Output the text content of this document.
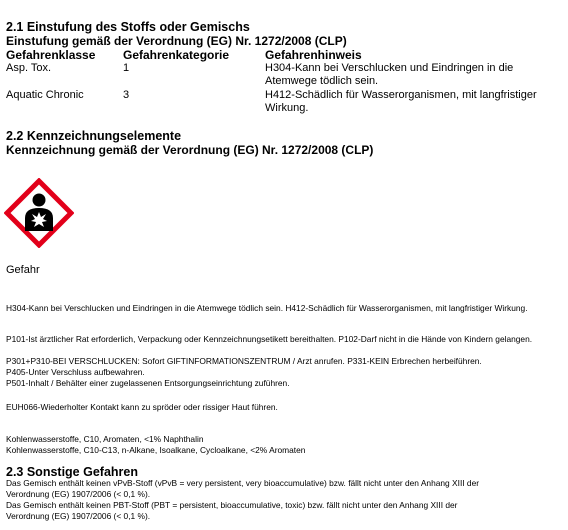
2.1 Einstufung des Stoffs oder Gemischs
Einstufung gemäß der Verordnung (EG) Nr. 1272/2008 (CLP)
Gefahrenklasse Gefahrenkategorie	Gefahrenhinweis
Asp. Tox.	1	H304-Kann bei Verschlucken und Eindringen in die
Atemwege tödlich sein.
Aquatic Chronic	3	H412-Schädlich für Wasserorganismen, mit langfristiger
Wirkung.
2.2 Kennzeichnungselemente
Kennzeichnung gemäß der Verordnung (EG) Nr. 1272/2008 (CLP)
Gefahr
H304-Kann bei Verschlucken und Eindringen in die Atemwege tödlich sein. H412-Schädlich für Wasserorganismen, mit langfristiger Wirkung.
P101-Ist ärztlicher Rat erforderlich, Verpackung oder Kennzeichnungsetikett bereithalten. P102-Darf nicht in die Hände von Kindern gelangen.
P301+P310-BEI VERSCHLUCKEN: Sofort GIFTINFORMATIONSZENTRUM / Arzt anrufen. P331-KEIN Erbrechen herbeiführen.
P405-Unter Verschluss aufbewahren.
P501-Inhalt / Behälter einer zugelassenen Entsorgungseinrichtung zuführen.
EUH066-Wiederholter Kontakt kann zu spröder oder rissiger Haut führen.
Kohlenwasserstoffe, C10, Aromaten, <1% Naphthalin
Kohlenwasserstoffe, C10-C13, n-Alkane, Isoalkane, Cycloalkane, <2% Aromaten
2.3 Sonstige Gefahren
Das Gemisch enthält keinen vPvB-Stoff (vPvB = very persistent, very bioaccumulative) bzw. fällt nicht unter den Anhang XIII der
Verordnung (EG) 1907/2006 (< 0,1 %).
Das Gemisch enthält keinen PBT-Stoff (PBT = persistent, bioaccumulative, toxic) bzw. fällt nicht unter den Anhang XIII der
Verordnung (EG) 1907/2006 (< 0,1 %).
